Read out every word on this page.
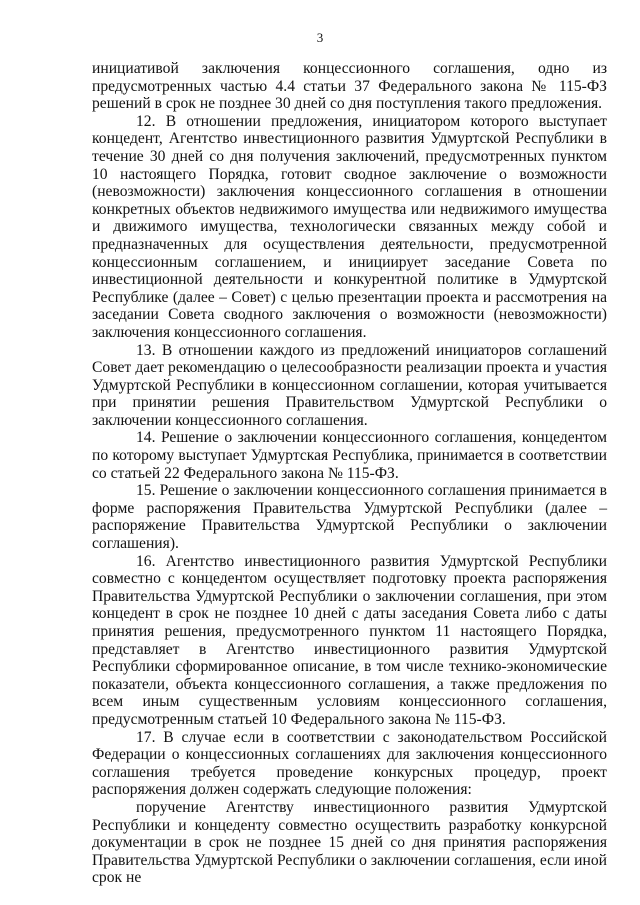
3

инициативой заключения концессионного соглашения, одно из предусмотренных частью 4.4 статьи 37 Федерального закона № 115-ФЗ решений в срок не позднее 30 дней со дня поступления такого предложения.

12. В отношении предложения, инициатором которого выступает концедент, Агентство инвестиционного развития Удмуртской Республики в течение 30 дней со дня получения заключений, предусмотренных пунктом 10 настоящего Порядка, готовит сводное заключение о возможности (невозможности) заключения концессионного соглашения в отношении конкретных объектов недвижимого имущества или недвижимого имущества и движимого имущества, технологически связанных между собой и предназначенных для осуществления деятельности, предусмотренной концессионным соглашением, и инициирует заседание Совета по инвестиционной деятельности и конкурентной политике в Удмуртской Республике (далее – Совет) с целью презентации проекта и рассмотрения на заседании Совета сводного заключения о возможности (невозможности) заключения концессионного соглашения.

13. В отношении каждого из предложений инициаторов соглашений Совет дает рекомендацию о целесообразности реализации проекта и участия Удмуртской Республики в концессионном соглашении, которая учитывается при принятии решения Правительством Удмуртской Республики о заключении концессионного соглашения.

14. Решение о заключении концессионного соглашения, концедентом по которому выступает Удмуртская Республика, принимается в соответствии со статьей 22 Федерального закона № 115-ФЗ.

15. Решение о заключении концессионного соглашения принимается в форме распоряжения Правительства Удмуртской Республики (далее – распоряжение Правительства Удмуртской Республики о заключении соглашения).

16. Агентство инвестиционного развития Удмуртской Республики совместно с концедентом осуществляет подготовку проекта распоряжения Правительства Удмуртской Республики о заключении соглашения, при этом концедент в срок не позднее 10 дней с даты заседания Совета либо с даты принятия решения, предусмотренного пунктом 11 настоящего Порядка, представляет в Агентство инвестиционного развития Удмуртской Республики сформированное описание, в том числе технико-экономические показатели, объекта концессионного соглашения, а также предложения по всем иным существенным условиям концессионного соглашения, предусмотренным статьей 10 Федерального закона № 115-ФЗ.

17. В случае если в соответствии с законодательством Российской Федерации о концессионных соглашениях для заключения концессионного соглашения требуется проведение конкурсных процедур, проект распоряжения должен содержать следующие положения:

поручение Агентству инвестиционного развития Удмуртской Республики и концеденту совместно осуществить разработку конкурсной документации в срок не позднее 15 дней со дня принятия распоряжения Правительства Удмуртской Республики о заключении соглашения, если иной срок не
